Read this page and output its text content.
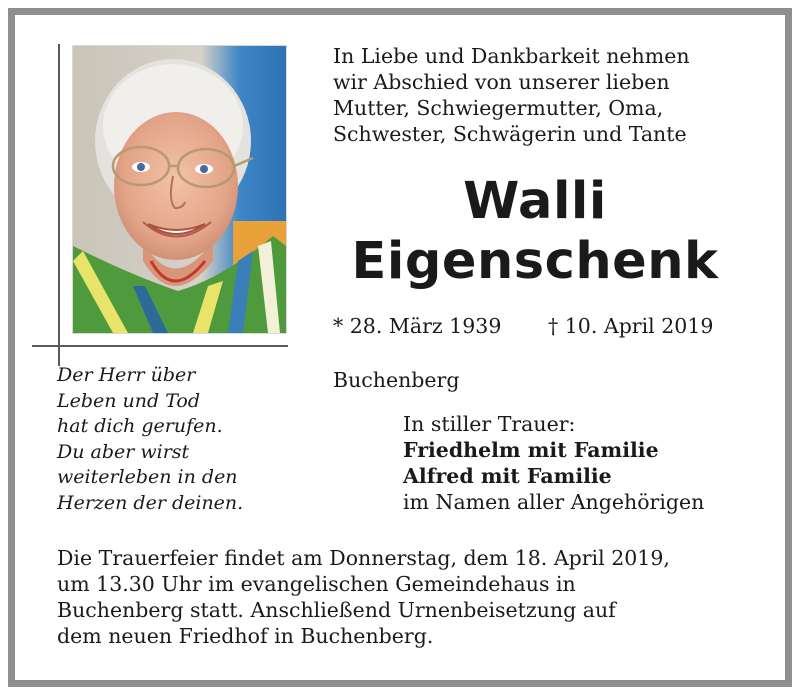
In Liebe und Dankbarkeit nehmen
wir Abschied von unserer lieben
Mutter, Schwiegermutter, Oma,
Schwester, Schwägerin und Tante
Walli
Eigenschenk
* 28. März 1939 † 10. April 2019
Buchenberg
Der Herr über
Leben und Tod
hat dich gerufen.
Du aber wirst
weiterleben in den
Herzen der deinen.
In stiller Trauer:
Friedhelm mit Familie
Alfred mit Familie
im Namen aller Angehörigen
Die Trauerfeier findet am Donnerstag, dem 18. April 2019,
um 13.30 Uhr im evangelischen Gemeindehaus in
Buchenberg statt. Anschließend Urnenbeisetzung auf
dem neuen Friedhof in Buchenberg.
